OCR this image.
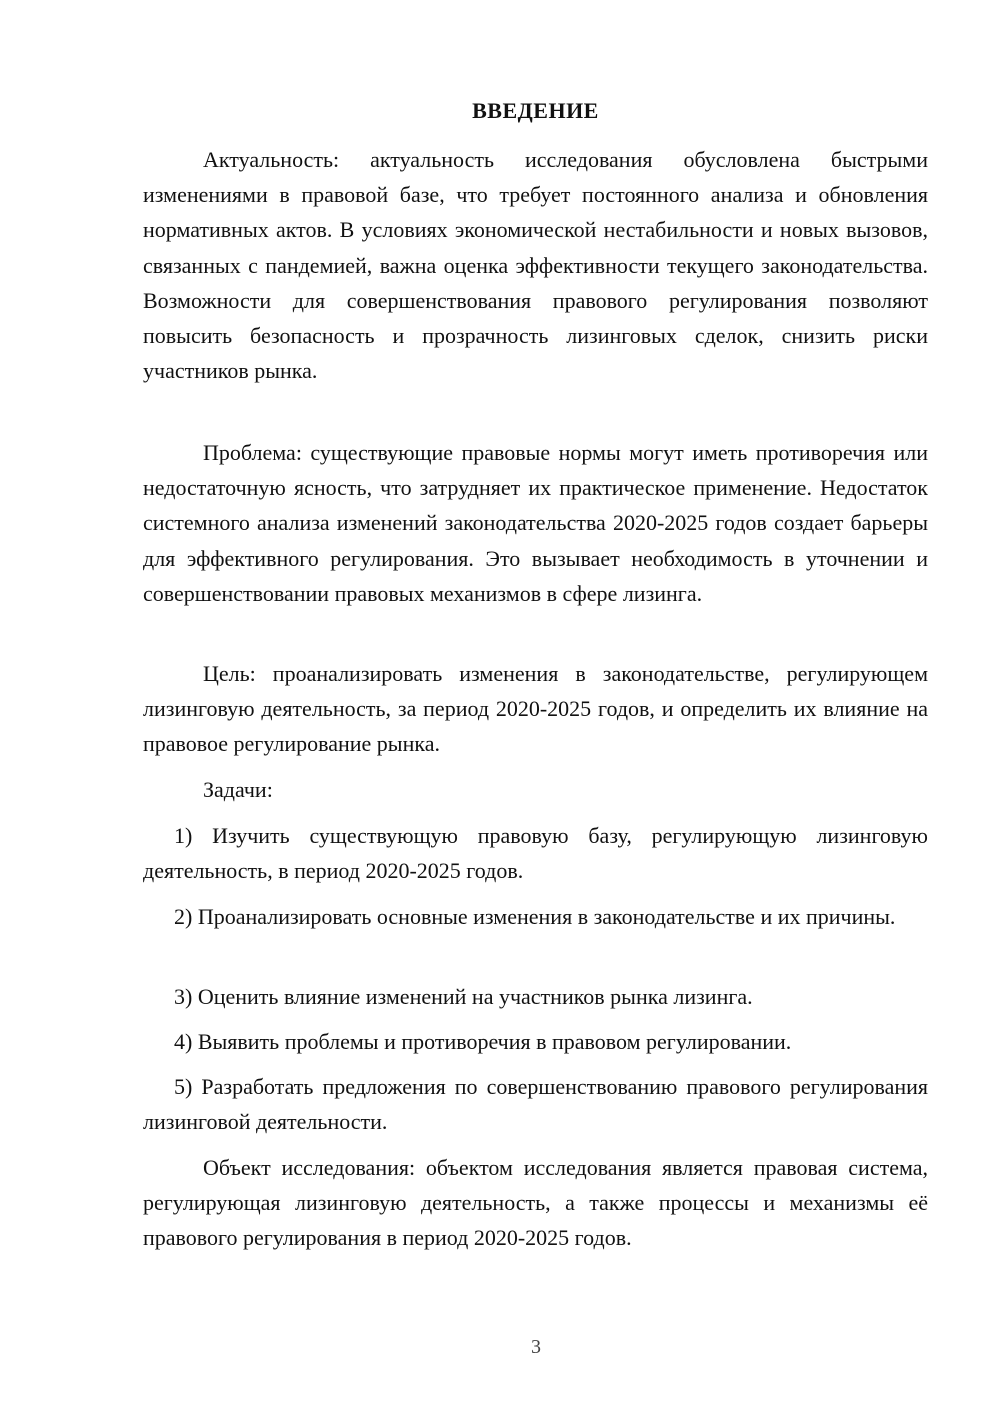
ВВЕДЕНИЕ

Актуальность: актуальность исследования обусловлена быстрыми изменениями в правовой базе, что требует постоянного анализа и обновления нормативных актов. В условиях экономической нестабильности и новых вызовов, связанных с пандемией, важна оценка эффективности текущего законодательства. Возможности для совершенствования правового регулирования позволяют повысить безопасность и прозрачность лизинговых сделок, снизить риски участников рынка.

Проблема: существующие правовые нормы могут иметь противоречия или недостаточную ясность, что затрудняет их практическое применение. Недостаток системного анализа изменений законодательства 2020-2025 годов создает барьеры для эффективного регулирования. Это вызывает необходимость в уточнении и совершенствовании правовых механизмов в сфере лизинга.

Цель: проанализировать изменения в законодательстве, регулирующем лизинговую деятельность, за период 2020-2025 годов, и определить их влияние на правовое регулирование рынка.

Задачи:

1) Изучить существующую правовую базу, регулирующую лизинговую деятельность, в период 2020-2025 годов.

2) Проанализировать основные изменения в законодательстве и их причины.

3) Оценить влияние изменений на участников рынка лизинга.

4) Выявить проблемы и противоречия в правовом регулировании.

5) Разработать предложения по совершенствованию правового регулирования лизинговой деятельности.

Объект исследования: объектом исследования является правовая система, регулирующая лизинговую деятельность, а также процессы и механизмы её правового регулирования в период 2020-2025 годов.

3
